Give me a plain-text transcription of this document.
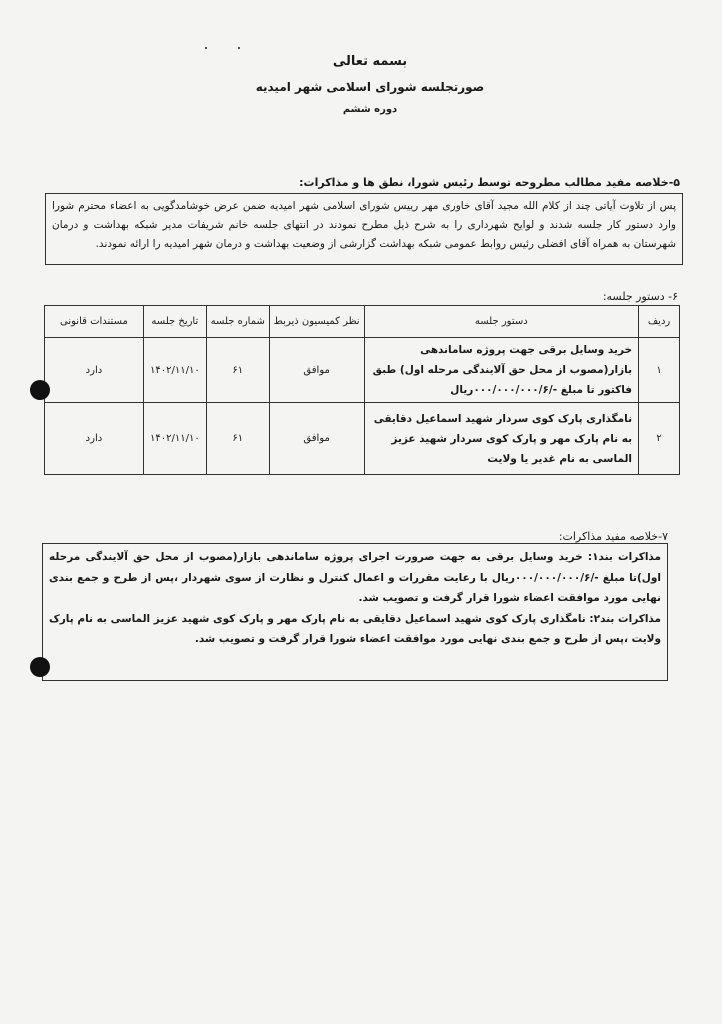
بسمه تعالی
صورتجلسه شورای اسلامی شهر امیدیه
دوره ششم
۵-خلاصه مفید مطالب مطروحه توسط رئیس شورا، نطق ها و مذاکرات:
پس از تلاوت آیاتی چند از کلام الله مجید آقای خاوری مهر رییس شورای اسلامی شهر امیدیه ضمن عرض خوشامدگویی به اعضاء محترم شورا وارد دستور کار جلسه شدند و لوایح شهرداری را به شرح ذیل مطرح نمودند در انتهای جلسه خانم شریفات مدیر شبکه بهداشت و درمان شهرستان به همراه آقای افضلی رئیس روابط عمومی شبکه بهداشت گزارشی از وضعیت بهداشت و درمان شهر امیدیه را ارائه نمودند.
۶- دستور جلسه:
ردیف	دستور جلسه	نظر کمیسیون ذیربط	شماره جلسه	تاریخ جلسه	مستندات قانونی
۱	خرید وسایل برقی جهت پروژه ساماندهی بازار(مصوب از محل حق آلایندگی مرحله اول) طبق فاکتور تا مبلغ -/۰۰۰/۰۰۰/۰۰۰/۶ریال	موافق	۶۱	۱۴۰۲/۱۱/۱۰	دارد
۲	نامگذاری پارک کوی سردار شهید اسماعیل دقایقی به نام پارک مهر و پارک کوی سردار شهید عزیز الماسی به نام غدیر یا ولایت	موافق	۶۱	۱۴۰۲/۱۱/۱۰	دارد
۷-خلاصه مفید مذاکرات:
مذاکرات بند۱: خرید وسایل برقی به جهت صرورت اجرای پروژه ساماندهی بازار(مصوب از محل حق آلایندگی مرحله اول)تا مبلغ -/۰۰۰/۰۰۰/۰۰۰/۶ریال با رعایت مقررات و اعمال کنترل و نظارت از سوی شهردار ،پس از طرح و جمع بندی نهایی مورد موافقت اعضاء شورا قرار گرفت و تصویب شد.
مذاکرات بند۲: نامگذاری پارک کوی شهید اسماعیل دقایقی به نام پارک مهر و پارک کوی شهید عزیز الماسی به نام پارک ولایت ،پس از طرح و جمع بندی نهایی مورد موافقت اعضاء شورا قرار گرفت و تصویب شد.
